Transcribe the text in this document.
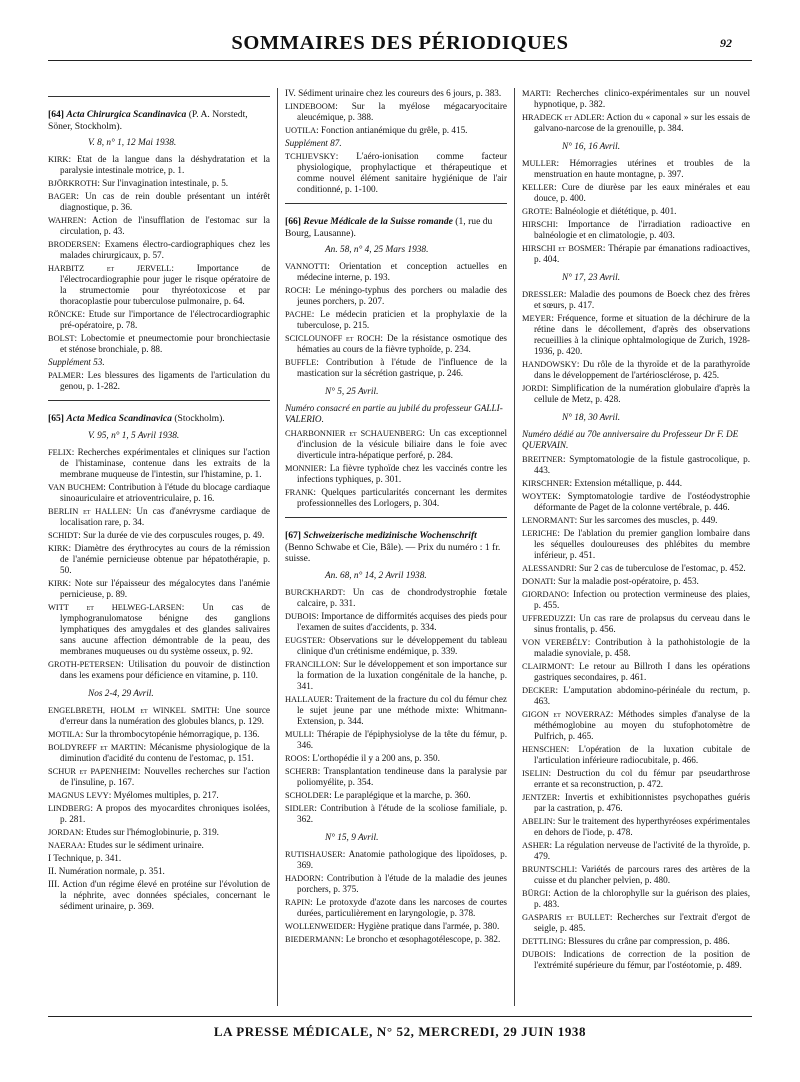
SOMMAIRES DES PÉRIODIQUES	92
[64] Acta Chirurgica Scandinavica (P. A. Norstedt, Söner, Stockholm).
V. 8, n° 1, 12 Mai 1938.
KIRK: Etat de la langue dans la déshydratation et la paralysie intestinale motrice, p. 1.
BJÖRKROTH: Sur l'invagination intestinale, p. 5.
BAGER: Un cas de rein double présentant un intérêt diagnostique, p. 36.
WAHREN: Action de l'insufflation de l'estomac sur la circulation, p. 43.
BRODERSEN: Examens électro-cardiographiques chez les malades chirurgicaux, p. 57.
HARBITZ et JERVELL: Importance de l'électrocardiographie pour juger le risque opératoire de la strumectomie pour thyréotoxicose et par thoracoplastie pour tuberculose pulmonaire, p. 64.
RÖNCKE: Etude sur l'importance de l'électrocardiographic pré-opératoire, p. 78.
BOLST: Lobectomie et pneumectomie pour bronchiectasie et sténose bronchiale, p. 88.
Supplément 53.
PALMER: Les blessures des ligaments de l'articulation du genou, p. 1-282.
[65] Acta Medica Scandinavica (Stockholm).
V. 95, n° 1, 5 Avril 1938.
FELIX: Recherches expérimentales et cliniques sur l'action de l'histaminase, contenue dans les extraits de la membrane muqueuse de l'intestin, sur l'histamine, p. 1.
VAN BUCHEM: Contribution à l'étude du blocage cardiaque sinoauriculaire et atrioventriculaire, p. 16.
BERLIN et HALLEN: Un cas d'anévrysme cardiaque de localisation rare, p. 34.
SCHIDT: Sur la durée de vie des corpuscules rouges, p. 49.
KIRK: Diamètre des érythrocytes au cours de la rémission de l'anémie pernicieuse obtenue par hépatothérapie, p. 50.
KIRK: Note sur l'épaisseur des mégalocytes dans l'anémie pernicieuse, p. 89.
WITT et HELWEG-LARSEN: Un cas de lymphogranulomatose bénigne des ganglions lymphatiques des amygdales et des glandes salivaires sans aucune affection démontrable de la peau, des membranes muqueuses ou du système osseux, p. 92.
GROTH-PETERSEN: Utilisation du pouvoir de distinction dans les examens pour déficience en vitamine, p. 110.
Nos 2-4, 29 Avril.
ENGELBRETH, HOLM et WINKEL SMITH: Une source d'erreur dans la numération des globules blancs, p. 129.
MOTILA: Sur la thrombocytopénie hémorragique, p. 136.
BOLDYREFF et MARTIN: Mécanisme physiologique de la diminution d'acidité du contenu de l'estomac, p. 151.
SCHUR et PAPENHEIM: Nouvelles recherches sur l'action de l'insuline, p. 167.
MAGNUS LEVY: Myélomes multiples, p. 217.
LINDBERG: A propos des myocardites chroniques isolées, p. 281.
JORDAN: Etudes sur l'hémoglobinurie, p. 319.
NAERAA: Etudes sur le sédiment urinaire.
I Technique, p. 341.
II. Numération normale, p. 351.
III. Action d'un régime élevé en protéine sur l'évolution de la néphrite, avec données spéciales, concernant le sédiment urinaire, p. 369.
IV. Sédiment urinaire chez les coureurs des 6 jours, p. 383.
LINDEBOOM: Sur la myélose mégacaryocitaire aleucémique, p. 388.
UOTILA: Fonction antianémique du grêle, p. 415.
Supplément 87.
TCHIJEVSKY: L'aéro-ionisation comme facteur physiologique, prophylactique et thérapeutique et comme nouvel élément sanitaire hygiénique de l'air conditionné, p. 1-100.
[66] Revue Médicale de la Suisse romande (1, rue du Bourg, Lausanne).
An. 58, n° 4, 25 Mars 1938.
VANNOTTI: Orientation et conception actuelles en médecine interne, p. 193.
ROCH: Le méningo-typhus des porchers ou maladie des jeunes porchers, p. 207.
PACHE: Le médecin praticien et la prophylaxie de la tuberculose, p. 215.
SCICLOUNOFF et ROCH: De la résistance osmotique des hématies au cours de la fièvre typhoïde, p. 234.
BUFFLE: Contribution à l'étude de l'influence de la mastication sur la sécrétion gastrique, p. 246.
N° 5, 25 Avril.
Numéro consacré en partie au jubilé du professeur GALLI-VALERIO.
CHARBONNIER et SCHAUENBERG: Un cas exceptionnel d'inclusion de la vésicule biliaire dans le foie avec diverticule intra-hépatique perforé, p. 284.
MONNIER: La fièvre typhoïde chez les vaccinés contre les infections typhiques, p. 301.
FRANK: Quelques particularités concernant les dermites professionnelles des Lorlogers, p. 304.
[67] Schweizerische medizinische Wochenschrift (Benno Schwabe et Cie, Bâle). — Prix du numéro : 1 fr. suisse.
An. 68, n° 14, 2 Avril 1938.
BURCKHARDT: Un cas de chondrodystrophie fœtale calcaire, p. 331.
DUBOIS: Importance de difformités acquises des pieds pour l'examen de suites d'accidents, p. 334.
EUGSTER: Observations sur le développement du tableau clinique d'un crétinisme endémique, p. 339.
FRANCILLON: Sur le développement et son importance sur la formation de la luxation congénitale de la hanche, p. 341.
HALLAUER: Traitement de la fracture du col du fémur chez le sujet jeune par une méthode mixte: Whitmann-Extension, p. 344.
MULLI: Thérapie de l'épiphysiolyse de la tête du fémur, p. 346.
ROOS: L'orthopédie il y a 200 ans, p. 350.
SCHERB: Transplantation tendineuse dans la paralysie par poliomyélite, p. 354.
SCHOLDER: Le paraplégique et la marche, p. 360.
SIDLER: Contribution à l'étude de la scoliose familiale, p. 362.
N° 15, 9 Avril.
RUTISHAUSER: Anatomie pathologique des lipoïdoses, p. 369.
HADORN: Contribution à l'étude de la maladie des jeunes porchers, p. 375.
RAPIN: Le protoxyde d'azote dans les narcoses de courtes durées, particulièrement en laryngologie, p. 378.
WOLLENWEIDER: Hygiène pratique dans l'armée, p. 380.
BIEDERMANN: Le broncho et œsophagotélescope, p. 382.
MARTI: Recherches clinico-expérimentales sur un nouvel hypnotique, p. 382.
HRADECK et ADLER: Action du « caponal » sur les essais de galvano-narcose de la grenouille, p. 384.
N° 16, 16 Avril.
MULLER: Hémorragies utérines et troubles de la menstruation en haute montagne, p. 397.
KELLER: Cure de diurèse par les eaux minérales et eau douce, p. 400.
GROTE: Balnéologie et diététique, p. 401.
HIRSCHI: Importance de l'irradiation radioactive en balnéologie et en climatologie, p. 403.
HIRSCHI et BOSMER: Thérapie par émanations radioactives, p. 404.
N° 17, 23 Avril.
DRESSLER: Maladie des poumons de Boeck chez des frères et sœurs, p. 417.
MEYER: Fréquence, forme et situation de la déchirure de la rétine dans le décollement, d'après des observations recueillies à la clinique ophtalmologique de Zurich, 1928-1936, p. 420.
HANDOWSKY: Du rôle de la thyroïde et de la parathyroïde dans le développement de l'artériosclérose, p. 425.
JORDI: Simplification de la numération globulaire d'après la cellule de Metz, p. 428.
N° 18, 30 Avril.
Numéro dédié au 70e anniversaire du Professeur Dr F. DE QUERVAIN.
BREITNER: Symptomatologie de la fistule gastrocolique, p. 443.
KIRSCHNER: Extension métallique, p. 444.
WOYTEK: Symptomatologie tardive de l'ostéodystrophie déformante de Paget de la colonne vertébrale, p. 446.
LENORMANT: Sur les sarcomes des muscles, p. 449.
LERICHE: De l'ablation du premier ganglion lombaire dans les séquelles douloureuses des phlébites du membre inférieur, p. 451.
ALESSANDRI: Sur 2 cas de tuberculose de l'estomac, p. 452.
DONATI: Sur la maladie post-opératoire, p. 453.
GIORDANO: Infection ou protection vermineuse des plaies, p. 455.
UFFREDUZZI: Un cas rare de prolapsus du cerveau dans le sinus frontalis, p. 456.
VON VEREBÉLY: Contribution à la pathohistologie de la maladie synoviale, p. 458.
CLAIRMONT: Le retour au Billroth I dans les opérations gastriques secondaires, p. 461.
DECKER: L'amputation abdomino-périnéale du rectum, p. 463.
GIGON et NOVERRAZ: Méthodes simples d'analyse de la méthémoglobine au moyen du stufophotomètre de Pulfrich, p. 465.
HENSCHEN: L'opération de la luxation cubitale de l'articulation inférieure radiocubitale, p. 466.
ISELIN: Destruction du col du fémur par pseudarthrose errante et sa reconstruction, p. 472.
JENTZER: Invertis et exhibitionnistes psychopathes guéris par la castration, p. 476.
ABELIN: Sur le traitement des hyperthyréoses expérimentales en dehors de l'iode, p. 478.
ASHER: La régulation nerveuse de l'activité de la thyroïde, p. 479.
BRUNTSCHLI: Variétés de parcours rares des artères de la cuisse et du plancher pelvien, p. 480.
BÜRGI: Action de la chlorophylle sur la guérison des plaies, p. 483.
GASPARIS et BULLET: Recherches sur l'extrait d'ergot de seigle, p. 485.
DETTLING: Blessures du crâne par compression, p. 486.
DUBOIS: Indications de correction de la position de l'extrémité supérieure du fémur, par l'ostéotomie, p. 489.
LA PRESSE MÉDICALE, N° 52, MERCREDI, 29 JUIN 1938
